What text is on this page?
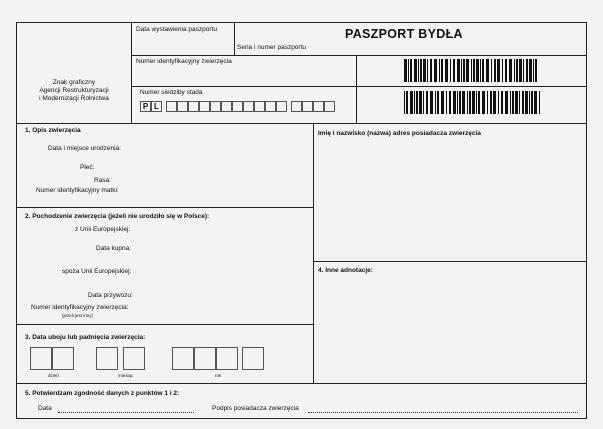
Znak graficzny
Agencji Restrukturyzacji
i Modernizacji Rolnictwa
Data wystawienia paszportu	PASZPORT BYDŁA
Seria i numer paszportu
Numer identyfikacyjny zwierzęcia
Numer siedziby stada
P L
1. Opis zwierzęcia
Data i miejsce urodzenia:
Płeć:
Rasa:
Numer identyfikacyjny matki:
Imię i nazwisko (nazwa) adres posiadacza zwierzęcia
2. Pochodzenie zwierzęcia (jeżeli nie urodziło się w Polsce):
z Unii Europejskiej:
Data kupna:
spoza Unii Europejskiej:
Data przywozu:
Numer identyfikacyjny zwierzęcia:
(jeżeli jest inny)
4. Inne adnotacje:
3. Data uboju lub padnięcia zwierzęcia:
dzień	miesiąc	rok
5. Potwierdzam zgodność danych z punktów 1 i 2:
Data	Podpis posiadacza zwierzęcia
